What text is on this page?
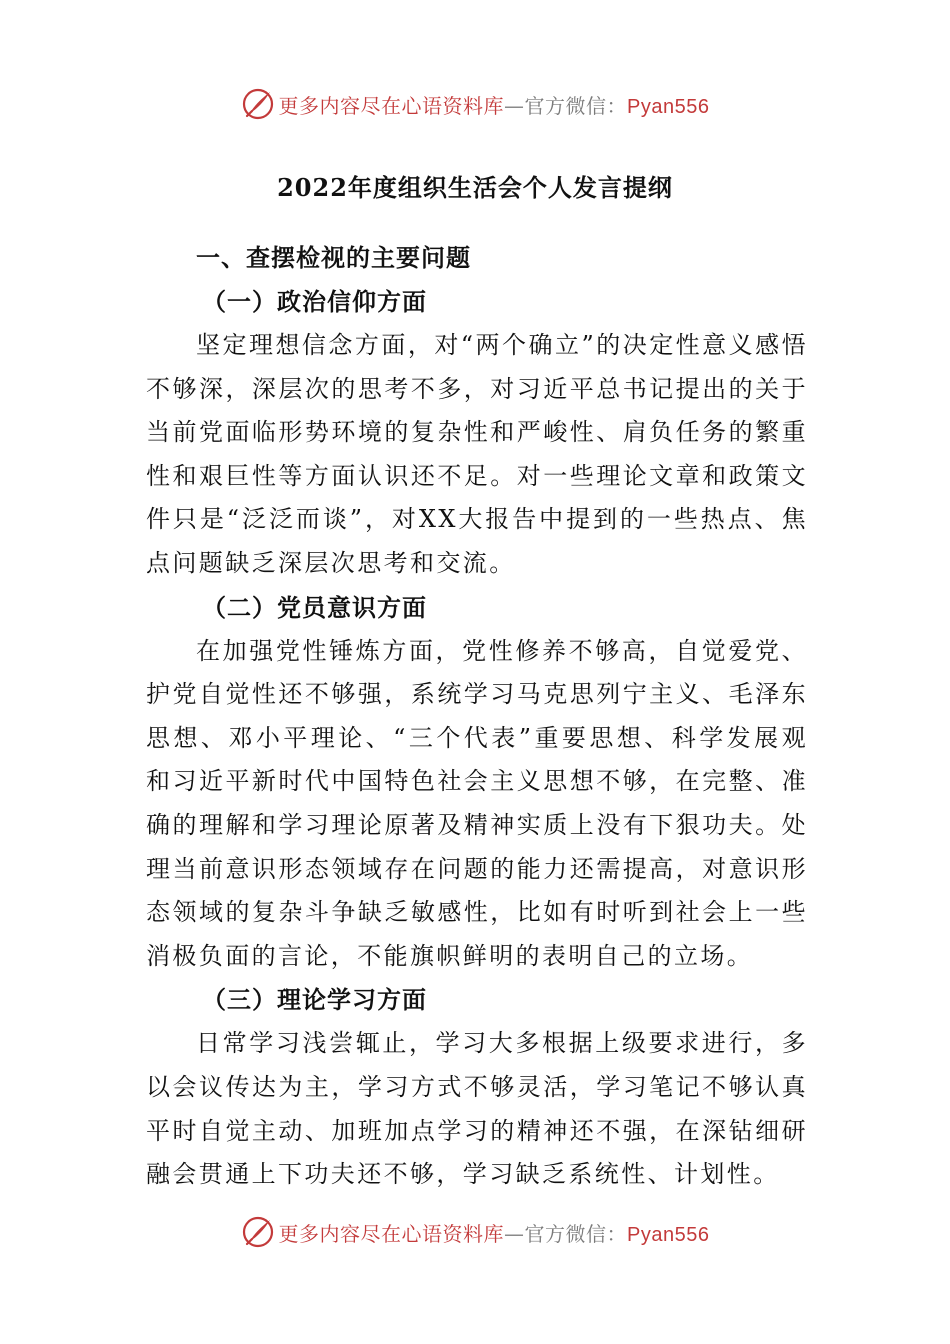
更多内容尽在心语资料库—官方微信：Pyan556
2022年度组织生活会个人发言提纲
一、查摆检视的主要问题
（一）政治信仰方面

坚定理想信念方面，对“两个确立”的决定性意义感悟不够深，深层次的思考不多，对习近平总书记提出的关于当前党面临形势环境的复杂性和严峻性、肩负任务的繁重性和艰巨性等方面认识还不足。对一些理论文章和政策文件只是“泛泛而谈”，对XX大报告中提到的一些热点、焦点问题缺乏深层次思考和交流。

（二）党员意识方面

在加强党性锤炼方面，党性修养不够高，自觉爱党、护党自觉性还不够强，系统学习马克思列宁主义、毛泽东思想、邓小平理论、“三个代表”重要思想、科学发展观和习近平新时代中国特色社会主义思想不够，在完整、准确的理解和学习理论原著及精神实质上没有下狠功夫。处理当前意识形态领域存在问题的能力还需提高，对意识形态领域的复杂斗争缺乏敏感性，比如有时听到社会上一些消极负面的言论，不能旗帜鲜明的表明自己的立场。

（三）理论学习方面

日常学习浅尝辄止，学习大多根据上级要求进行，多以会议传达为主，学习方式不够灵活，学习笔记不够认真平时自觉主动、加班加点学习的精神还不强，在深钻细研融会贯通上下功夫还不够，学习缺乏系统性、计划性。

更多内容尽在心语资料库—官方微信：Pyan556
